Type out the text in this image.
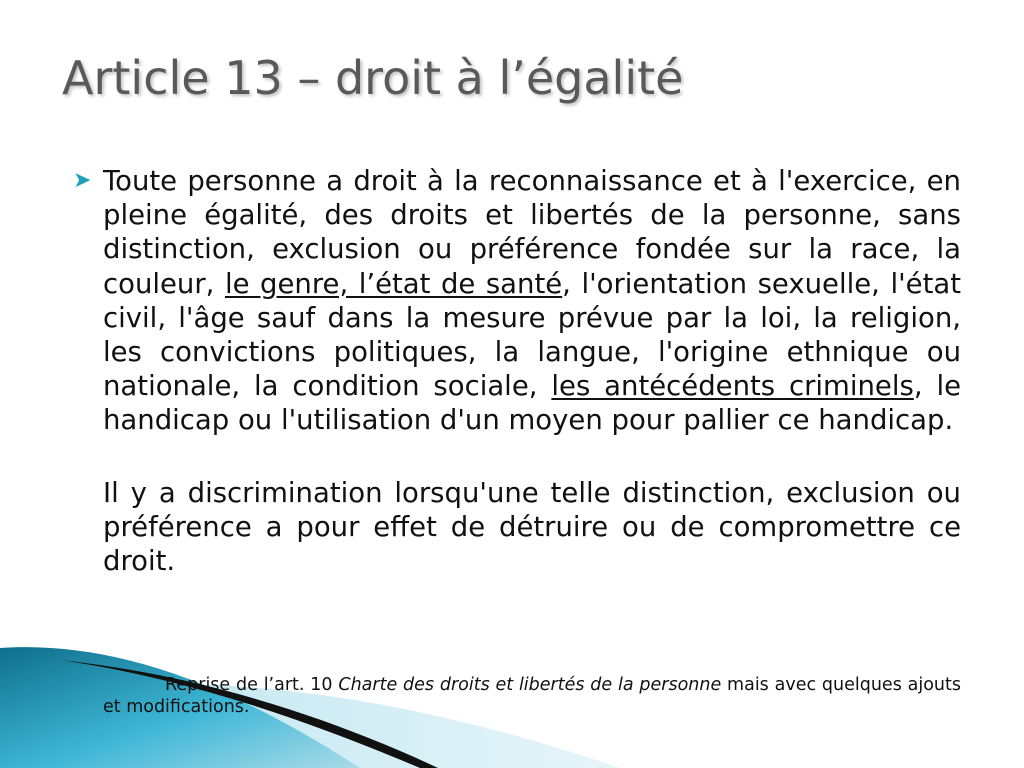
Article 13 – droit à l’égalité

➤ Toute personne a droit à la reconnaissance et à l'exercice, en pleine égalité, des droits et libertés de la personne, sans distinction, exclusion ou préférence fondée sur la race, la couleur, le genre, l’état de santé, l'orientation sexuelle, l'état civil, l'âge sauf dans la mesure prévue par la loi, la religion, les convictions politiques, la langue, l'origine ethnique ou nationale, la condition sociale, les antécédents criminels, le handicap ou l'utilisation d'un moyen pour pallier ce handicap.

Il y a discrimination lorsqu'une telle distinction, exclusion ou préférence a pour effet de détruire ou de compromettre ce droit.

Reprise de l’art. 10 Charte des droits et libertés de la personne mais avec quelques ajouts et modifications.
